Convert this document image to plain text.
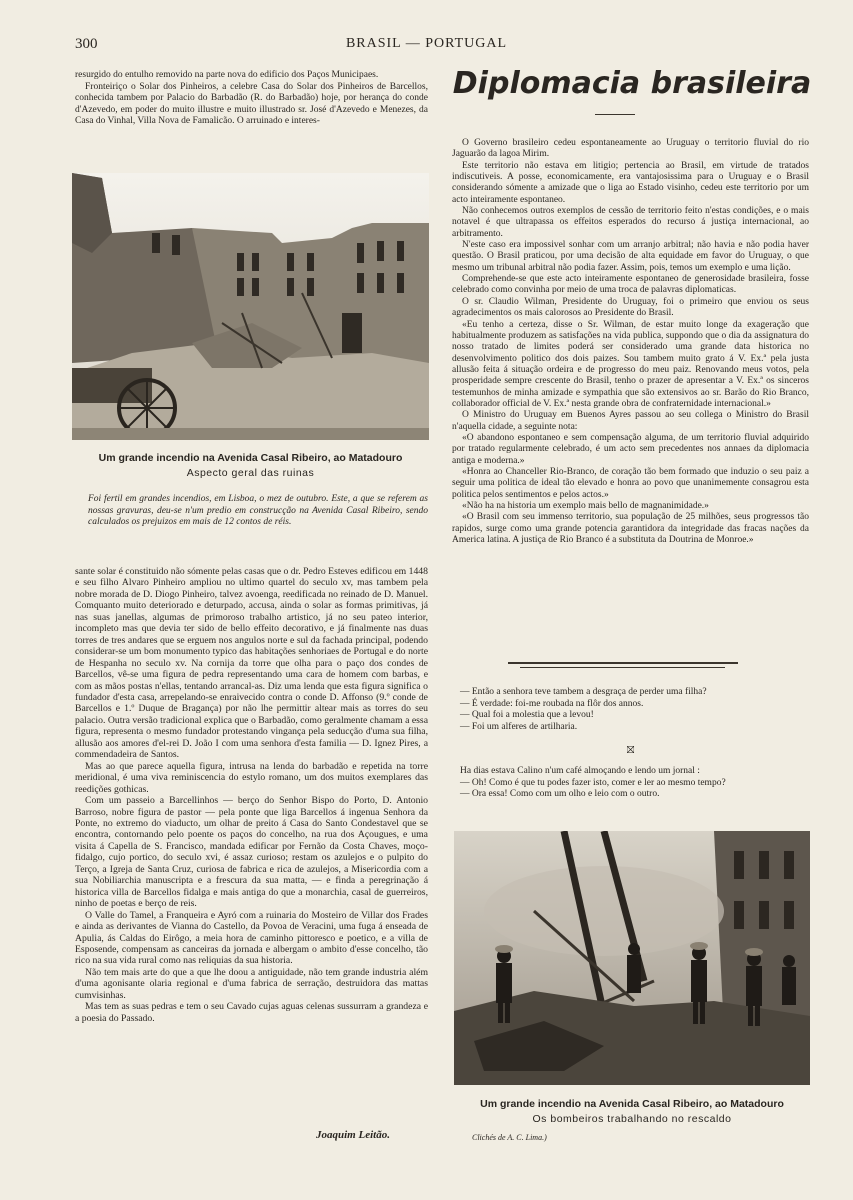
300	BRASIL — PORTUGAL

resurgido do entulho removido na parte nova do edificio dos Paços Municipaes.

Fronteiriço o Solar dos Pinheiros, a celebre Casa do Solar dos Pinheiros de Barcellos, conhecida tambem por Palacio do Barbadão (R. do Barbadão) hoje, por herança do conde d'Azevedo, em poder do muito illustre e muito illustrado sr. José d'Azevedo e Menezes, da Casa do Vinhal, Villa Nova de Famalicão. O arruinado e interes-

Um grande incendio na Avenida Casal Ribeiro, ao Matadouro
Aspecto geral das ruinas
Foi fertil em grandes incendios, em Lisboa, o mez de outubro. Este, a que se referem as nossas gravuras, deu-se n'um predio em construcção na Avenida Casal Ribeiro, sendo calculados os prejuizos em mais de 12 contos de réis.

sante solar é constituido não sómente pelas casas que o dr. Pedro Esteves edificou em 1448 e seu filho Alvaro Pinheiro ampliou no ultimo quartel do seculo xv, mas tambem pela nobre morada de D. Diogo Pinheiro, talvez avoenga, reedificada no reinado de D. Manuel. Comquanto muito deteriorado e deturpado, accusa, ainda o solar as formas primitivas, já nas suas janellas, algumas de primoroso trabalho artistico, já no seu pateo interior, incompleto mas que devia ter sido de bello effeito decorativo, e já finalmente nas duas torres de tres andares que se erguem nos angulos norte e sul da fachada principal, podendo considerar-se um bom monumento typico das habitações senhoriaes de Portugal e do norte de Hespanha no seculo xv. Na cornija da torre que olha para o paço dos condes de Barcellos, vê-se uma figura de pedra representando uma cara de homem com barbas, e com as mãos postas n'ellas, tentando arrancal-as. Diz uma lenda que esta figura significa o fundador d'esta casa, arrepelando-se enraivecido contra o conde D. Affonso (9.º conde de Barcellos e 1.º Duque de Bragança) por não lhe permittir altear mais as torres do seu palacio. Outra versão tradicional explica que o Barbadão, como geralmente chamam a essa figura, representa o mesmo fundador protestando vingança pela seducção d'uma sua filha, allusão aos amores d'el-rei D. João I com uma senhora d'esta familia — D. Ignez Pires, a commendadeira de Santos.

Mas ao que parece aquella figura, intrusa na lenda do barbadão e repetida na torre meridional, é uma viva reminiscencia do estylo romano, um dos muitos exemplares das reedições gothicas.

Com um passeio a Barcellinhos — berço do Senhor Bispo do Porto, D. Antonio Barroso, nobre figura de pastor — pela ponte que liga Barcellos á ingenua Senhora da Ponte, no extremo do viaducto, um olhar de preito á Casa do Santo Condestavel que se encontra, contornando pelo poente os paços do concelho, na rua dos Açougues, e uma visita á Capella de S. Francisco, mandada edificar por Fernão da Costa Chaves, moço-fidalgo, cujo portico, do seculo xvi, é assaz curioso; restam os azulejos e o pulpito do Terço, a Igreja de Santa Cruz, curiosa de fabrica e rica de azulejos, a Misericordia com a sua Nobiliarchia manuscripta e a frescura da sua matta, — e finda a peregrinação á historica villa de Barcellos fidalga e mais antiga do que a monarchia, casal de guerreiros, ninho de poetas e berço de reis.

O Valle do Tamel, a Franqueira e Ayró com a ruinaria do Mosteiro de Villar dos Frades e ainda as derivantes de Vianna do Castello, da Povoa de Veracini, uma fuga á enseada de Apulia, ás Caldas do Eirôgo, a meia hora de caminho pittoresco e poetico, e a villa de Esposende, compensam as canceiras da jornada e albergam o ambito d'esse concelho, tão rico na sua vida rural como nas reliquias da sua historia.

Não tem mais arte do que a que lhe doou a antiguidade, não tem grande industria além d'uma agonisante olaria regional e d'uma fabrica de serração, destruidora das mattas cumvisinhas.

Mas tem as suas pedras e tem o seu Cavado cujas aguas celenas sussurram a grandeza e a poesia do Passado.

Joaquim Leitão.
Diplomacia brasileira

O Governo brasileiro cedeu espontaneamente ao Uruguay o territorio fluvial do rio Jaguarão da lagoa Mirim.

Este territorio não estava em litigio; pertencia ao Brasil, em virtude de tratados indiscutiveis. A posse, economicamente, era vantajosissima para o Uruguay e o Brasil considerando sómente a amizade que o liga ao Estado visinho, cedeu este territorio por um acto inteiramente espontaneo.

Não conhecemos outros exemplos de cessão de territorio feito n'estas condições, e o mais notavel é que ultrapassa os effeitos esperados do recurso á justiça internacional, ao arbitramento.

N'este caso era impossivel sonhar com um arranjo arbitral; não havia e não podia haver questão. O Brasil praticou, por uma decisão de alta equidade em favor do Uruguay, o que mesmo um tribunal arbitral não podia fazer. Assim, pois, temos um exemplo e uma lição.

Comprehende-se que este acto inteiramente espontaneo de generosidade brasileira, fosse celebrado como convinha por meio de uma troca de palavras diplomaticas.

O sr. Claudio Wilman, Presidente do Uruguay, foi o primeiro que enviou os seus agradecimentos os mais calorosos ao Presidente do Brasil.

«Eu tenho a certeza, disse o Sr. Wilman, de estar muito longe da exageração que habitualmente produzem as satisfações na vida publica, suppondo que o dia da assignatura do nosso tratado de limites poderá ser considerado uma grande data historica no desenvolvimento politico dos dois paizes. Sou tambem muito grato á V. Ex.ª pela justa allusão feita á situação ordeira e de progresso do meu paiz. Renovando meus votos, pela prosperidade sempre crescente do Brasil, tenho o prazer de apresentar a V. Ex.ª os sinceros testemunhos de minha amizade e sympathia que são extensivos ao sr. Barão do Rio Branco, collaborador official de V. Ex.ª nesta grande obra de confraternidade internacional.»

O Ministro do Uruguay em Buenos Ayres passou ao seu collega o Ministro do Brasil n'aquella cidade, a seguinte nota:

«O abandono espontaneo e sem compensação alguma, de um territorio fluvial adquirido por tratado regularmente celebrado, é um acto sem precedentes nos annaes da diplomacia antiga e moderna.»

«Honra ao Chanceller Rio-Branco, de coração tão bem formado que induzio o seu paiz a seguir uma politica de ideal tão elevado e honra ao povo que unanimemente consagrou esta politica pelos sentimentos e pelos actos.»

«Não ha na historia um exemplo mais bello de magnanimidade.»

«O Brasil com seu immenso territorio, sua população de 25 milhões, seus progressos tão rapidos, surge como uma grande potencia garantidora da integridade das fracas nações da America latina. A justiça de Rio Branco é a substituta da Doutrina de Monroe.»

— Então a senhora teve tambem a desgraça de perder uma filha?

— É verdade: foi-me roubada na flôr dos annos.

— Qual foi a molestia que a levou!

— Foi um alferes de artilharia.

⛝

Ha dias estava Calino n'um café almoçando e lendo um jornal :

— Oh! Como é que tu podes fazer isto, comer e ler ao mesmo tempo?

— Ora essa! Como com um olho e leio com o outro.

Um grande incendio na Avenida Casal Ribeiro, ao Matadouro
Os bombeiros trabalhando no rescaldo
Clichés de A. C. Lima.)
